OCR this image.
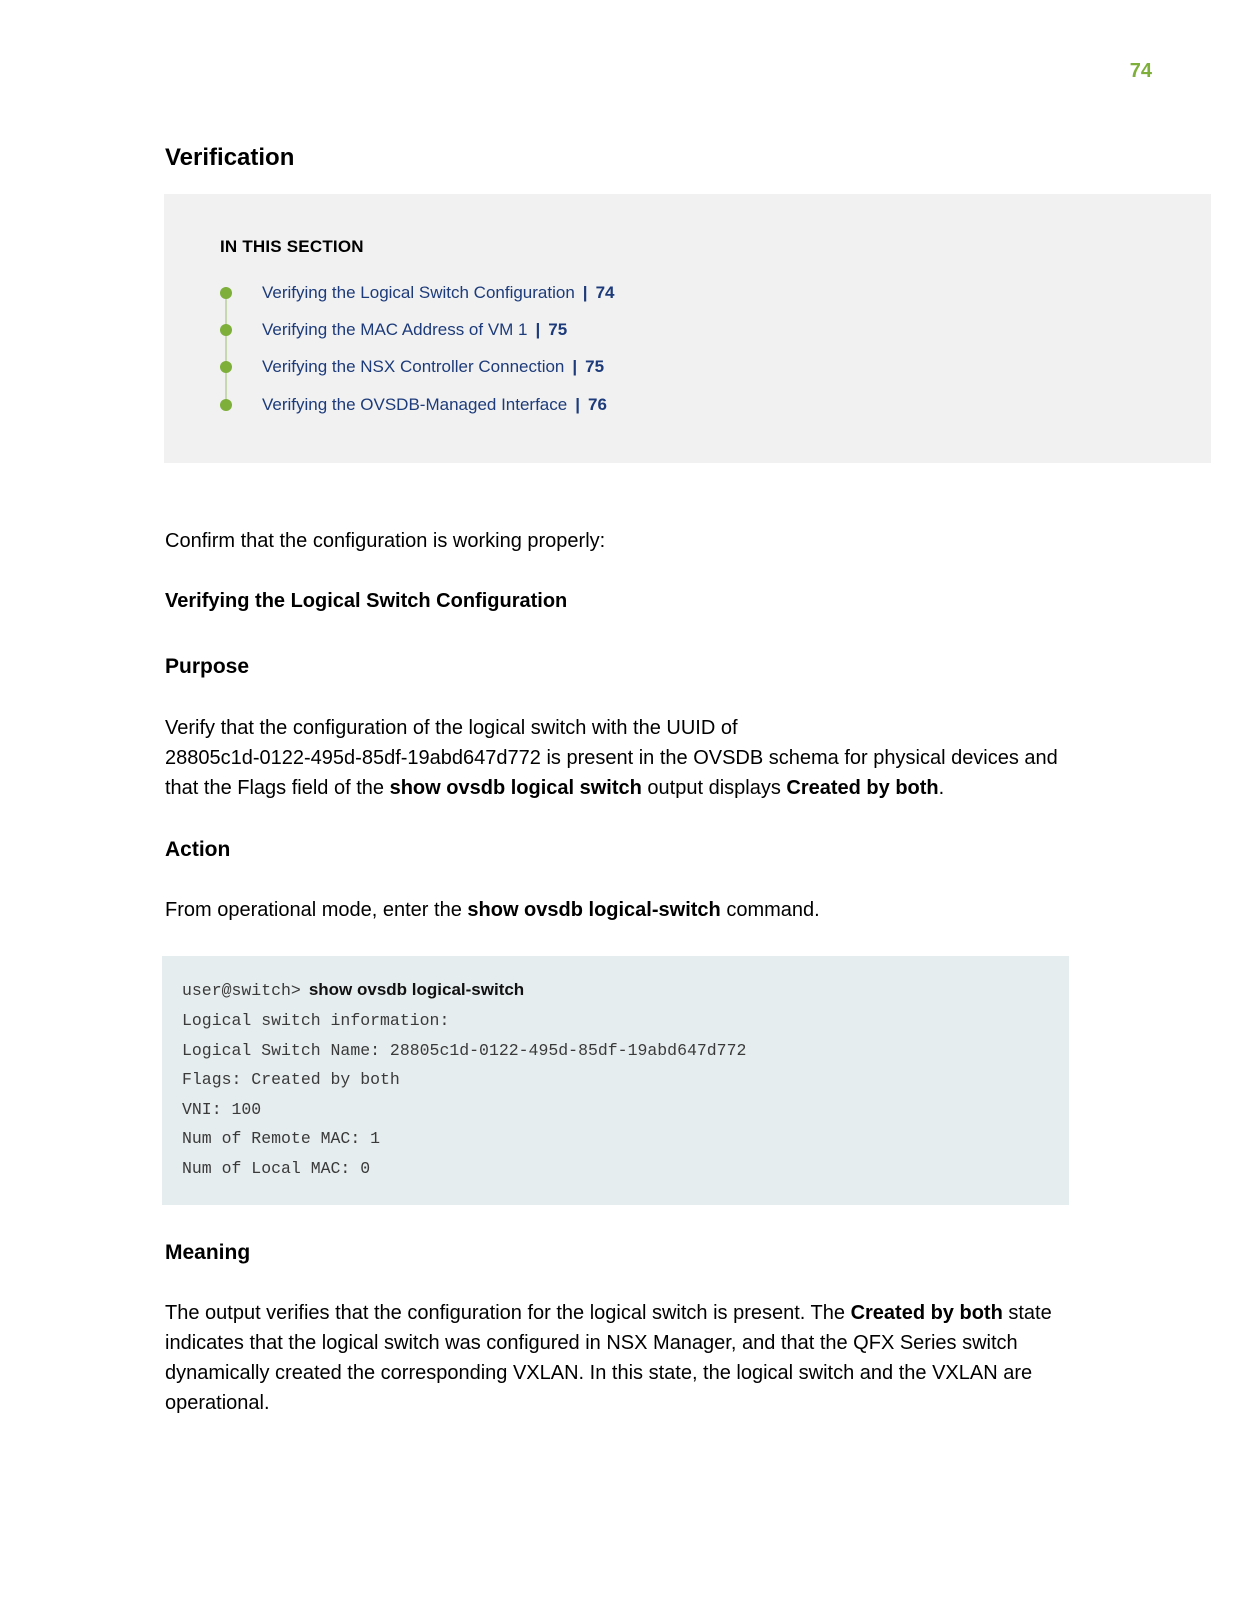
74
Verification
IN THIS SECTION
Verifying the Logical Switch Configuration | 74
Verifying the MAC Address of VM 1 | 75
Verifying the NSX Controller Connection | 75
Verifying the OVSDB-Managed Interface | 76

Confirm that the configuration is working properly:

Verifying the Logical Switch Configuration
Purpose
Verify that the configuration of the logical switch with the UUID of
28805c1d-0122-495d-85df-19abd647d772 is present in the OVSDB schema for physical devices and
that the Flags field of the show ovsdb logical switch output displays Created by both.
Action

From operational mode, enter the show ovsdb logical-switch command.

user@switch> show ovsdb logical-switch
Logical switch information:
Logical Switch Name: 28805c1d-0122-495d-85df-19abd647d772
Flags: Created by both
VNI: 100
Num of Remote MAC: 1
Num of Local MAC: 0
Meaning
The output verifies that the configuration for the logical switch is present. The Created by both state
indicates that the logical switch was configured in NSX Manager, and that the QFX Series switch
dynamically created the corresponding VXLAN. In this state, the logical switch and the VXLAN are
operational.
